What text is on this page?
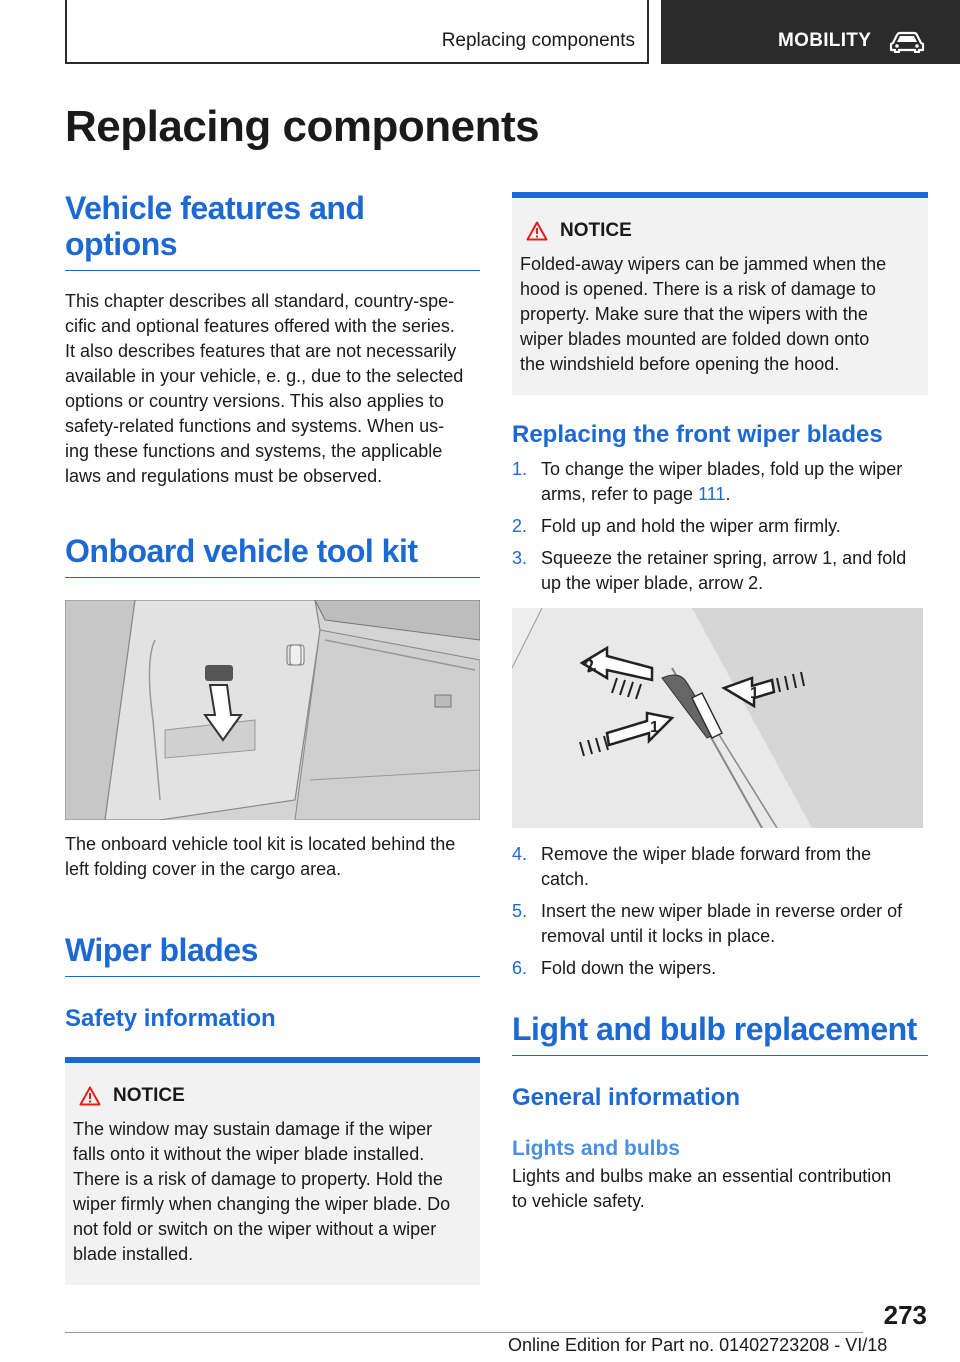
Replacing components	MOBILITY
Replacing components
Vehicle features and options

This chapter describes all standard, country-spe-
cific and optional features offered with the series.
It also describes features that are not necessarily
available in your vehicle, e. g., due to the selected
options or country versions. This also applies to
safety-related functions and systems. When us-
ing these functions and systems, the applicable
laws and regulations must be observed.

Onboard vehicle tool kit

The onboard vehicle tool kit is located behind the
left folding cover in the cargo area.

Wiper blades
Safety information
NOTICE

The window may sustain damage if the wiper
falls onto it without the wiper blade installed.
There is a risk of damage to property. Hold the
wiper firmly when changing the wiper blade. Do
not fold or switch on the wiper without a wiper
blade installed.

NOTICE

Folded-away wipers can be jammed when the
hood is opened. There is a risk of damage to
property. Make sure that the wipers with the
wiper blades mounted are folded down onto
the windshield before opening the hood.

Replacing the front wiper blades
1. To change the wiper blades, fold up the wiper
arms, refer to page 111.
2. Fold up and hold the wiper arm firmly.
3. Squeeze the retainer spring, arrow 1, and fold
up the wiper blade, arrow 2.
2
1
1
4. Remove the wiper blade forward from the
catch.
5. Insert the new wiper blade in reverse order of
removal until it locks in place.
6. Fold down the wipers.
Light and bulb replacement
General information
Lights and bulbs

Lights and bulbs make an essential contribution
to vehicle safety.

273
Online Edition for Part no. 01402723208 - VI/18
